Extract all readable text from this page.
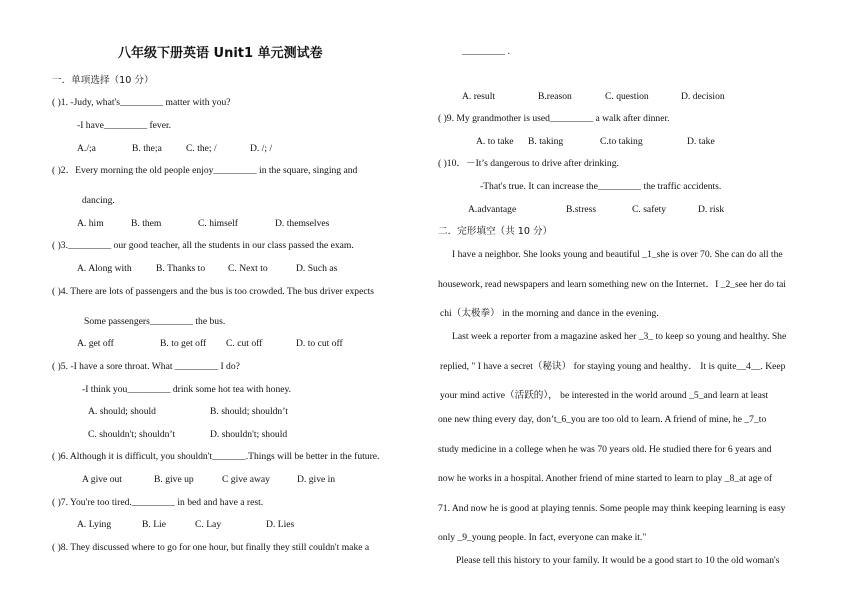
八年级下册英语 Unit1 单元测试卷
一．单项选择（10 分）
( )1. -Judy, what's_________ matter with you?
-I have_________ fever.
A./;a	B. the;a	C. the; /	D. /; /
( )2．Every morning the old people enjoy_________ in the square, singing and
dancing.
A. him	B. them	C. himself	D. themselves
( )3._________ our good teacher, all the students in our class passed the exam.
A. Along with	B. Thanks to C. Next to	D. Such as
( )4. There are lots of passengers and the bus is too crowded. The bus driver expects
Some passengers_________ the bus.
A. get off	B. to get off C. cut off	D. to cut off
( )5. -I have a sore throat. What _________ I do?
-I think you_________ drink some hot tea with honey.
A. should; should	B. should; shouldn’t
C. shouldn't; shouldn’t	D. shouldn't; should
( )6. Although it is difficult, you shouldn't_______.Things will be better in the future.
A give out	B. give up	C give away	D. give in
( )7. You're too tired._________ in bed and have a rest.
A. Lying	B. Lie	C. Lay	D. Lies
( )8. They discussed where to go for one hour, but finally they still couldn't make a
_________ .
A. result	B.reason	C. question	D. decision
( )9. My grandmother is used_________ a walk after dinner.
A. to take B. taking	C.to taking	D. take
( )10．－It’s dangerous to drive after drinking.
-That's true. It can increase the_________ the traffic accidents.
A.advantage	B.stress	C. safety	D. risk
二．完形填空（共 10 分）
I have a neighbor. She looks young and beautiful _1_she is over 70. She can do all the
housework, read newspapers and learn something new on the Internet．I _2_see her do tai
chi（太极拳） in the morning and dance in the evening.
Last week a reporter from a magazine asked her _3_ to keep so young and healthy. She
replied, " I have a secret（秘诀） for staying young and healthy． It is quite__4__. Keep
your mind active（活跃的）， be interested in the world around _5_and learn at least
one new thing every day, don’t_6_you are too old to learn. A friend of mine, he _7_to
study medicine in a college when he was 70 years old. He studied there for 6 years and
now he works in a hospital. Another friend of mine started to learn to play _8_at age of
71. And now he is good at playing tennis. Some people may think keeping learning is easy
only _9_young people. In fact, everyone can make it."
Please tell this history to your family. It would be a good start to 10 the old woman's
